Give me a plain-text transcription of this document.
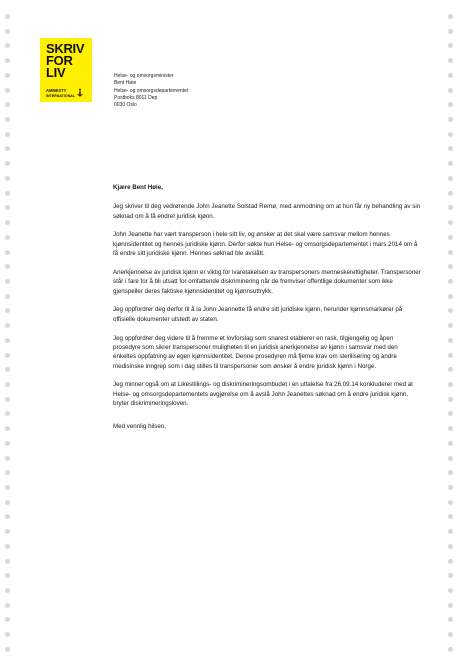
SKRIV
FOR
LIV
AMNESTY
INTERNATIONAL
Helse- og omsorgsminister
Bent Høie
Helse- og omsorgsdepartementet
Postboks 8011 Dep
0030 Oslo

Kjære Bent Høie,

Jeg skriver til deg vedrørende John Jeanette Solstad Remø, med anmodning om at hun får ny behandling av sin søknad om å få endret juridisk kjønn.

John Jeanette har vært transperson i hele sitt liv, og ønsker at det skal være samsvar mellom hennes kjønnsidentitet og hennes juridiske kjønn. Derfor søkte hun Helse- og omsorgsdepartementet i mars 2014 om å få endre sitt juridiske kjønn. Hennes søknad ble avslått.

Anerkjennelse av juridisk kjønn er viktig for ivaretakelsen av transpersoners menneskerettigheter. Transpersoner står i fare for å bli utsatt for omfattende diskriminering når de fremviser offentlige dokumenter som ikke gjenspeiler deres faktiske kjønnsidentitet og kjønnsuttrykk.

Jeg oppfordrer deg derfor til å la John Jeannette få endre sitt juridiske kjønn, herunder kjønnsmarkører på offisielle dokumenter utstedt av staten.

Jeg oppfordrer deg videre til å fremme et lovforslag som snarest etablerer en rask, tilgjengelig og åpen prosedyre som sikrer transpersoner muligheten til en juridisk anerkjennelse av kjønn i samsvar med den enkeltes oppfatning av egen kjønnsidentitet. Denne prosedyren må fjerne krav om sterilisering og andre medisinske inngrep som i dag stilles til transpersoner som ønsker å endre juridisk kjønn i Norge.

Jeg minner også om at Likestillings- og diskrimineringsombudet i en uttalelse fra 26.09.14 konkluderer med at Helse- og omsorgsdepartementets avgjørelse om å avslå John Jeanettes søknad om å endre juridisk kjønn, bryter diskrimineringsloven.

Med vennlig hilsen,
